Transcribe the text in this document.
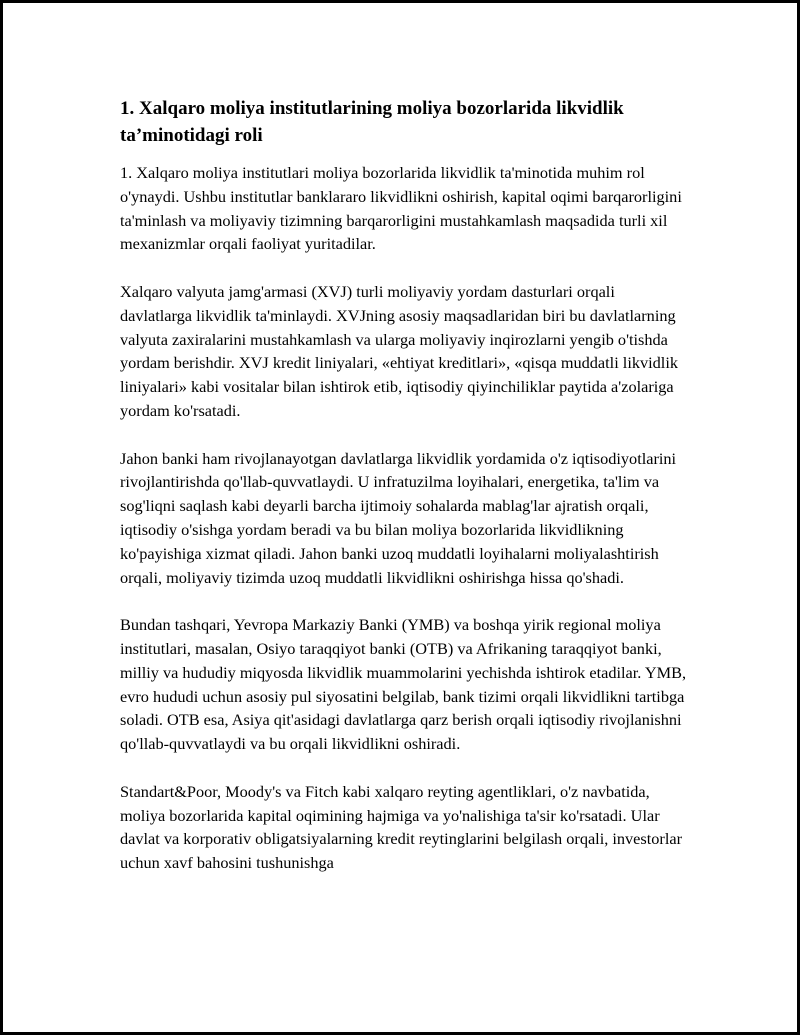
1. Xalqaro moliya institutlarining moliya bozorlarida likvidlik ta’minotidagi roli

1. Xalqaro moliya institutlari moliya bozorlarida likvidlik ta'minotida muhim rol o'ynaydi. Ushbu institutlar banklararo likvidlikni oshirish, kapital oqimi barqarorligini ta'minlash va moliyaviy tizimning barqarorligini mustahkamlash maqsadida turli xil mexanizmlar orqali faoliyat yuritadilar.

Xalqaro valyuta jamg'armasi (XVJ) turli moliyaviy yordam dasturlari orqali davlatlarga likvidlik ta'minlaydi. XVJning asosiy maqsadlaridan biri bu davlatlarning valyuta zaxiralarini mustahkamlash va ularga moliyaviy inqirozlarni yengib o'tishda yordam berishdir. XVJ kredit liniyalari, «ehtiyat kreditlari», «qisqa muddatli likvidlik liniyalari» kabi vositalar bilan ishtirok etib, iqtisodiy qiyinchiliklar paytida a'zolariga yordam ko'rsatadi.

Jahon banki ham rivojlanayotgan davlatlarga likvidlik yordamida o'z iqtisodiyotlarini rivojlantirishda qo'llab-quvvatlaydi. U infratuzilma loyihalari, energetika, ta'lim va sog'liqni saqlash kabi deyarli barcha ijtimoiy sohalarda mablag'lar ajratish orqali, iqtisodiy o'sishga yordam beradi va bu bilan moliya bozorlarida likvidlikning ko'payishiga xizmat qiladi. Jahon banki uzoq muddatli loyihalarni moliyalashtirish orqali, moliyaviy tizimda uzoq muddatli likvidlikni oshirishga hissa qo'shadi.

Bundan tashqari, Yevropa Markaziy Banki (YMB) va boshqa yirik regional moliya institutlari, masalan, Osiyo taraqqiyot banki (OTB) va Afrikaning taraqqiyot banki, milliy va hududiy miqyosda likvidlik muammolarini yechishda ishtirok etadilar. YMB, evro hududi uchun asosiy pul siyosatini belgilab, bank tizimi orqali likvidlikni tartibga soladi. OTB esa, Asiya qit'asidagi davlatlarga qarz berish orqali iqtisodiy rivojlanishni qo'llab-quvvatlaydi va bu orqali likvidlikni oshiradi.

Standart&Poor, Moody's va Fitch kabi xalqaro reyting agentliklari, o'z navbatida, moliya bozorlarida kapital oqimining hajmiga va yo'nalishiga ta'sir ko'rsatadi. Ular davlat va korporativ obligatsiyalarning kredit reytinglarini belgilash orqali, investorlar uchun xavf bahosini tushunishga
